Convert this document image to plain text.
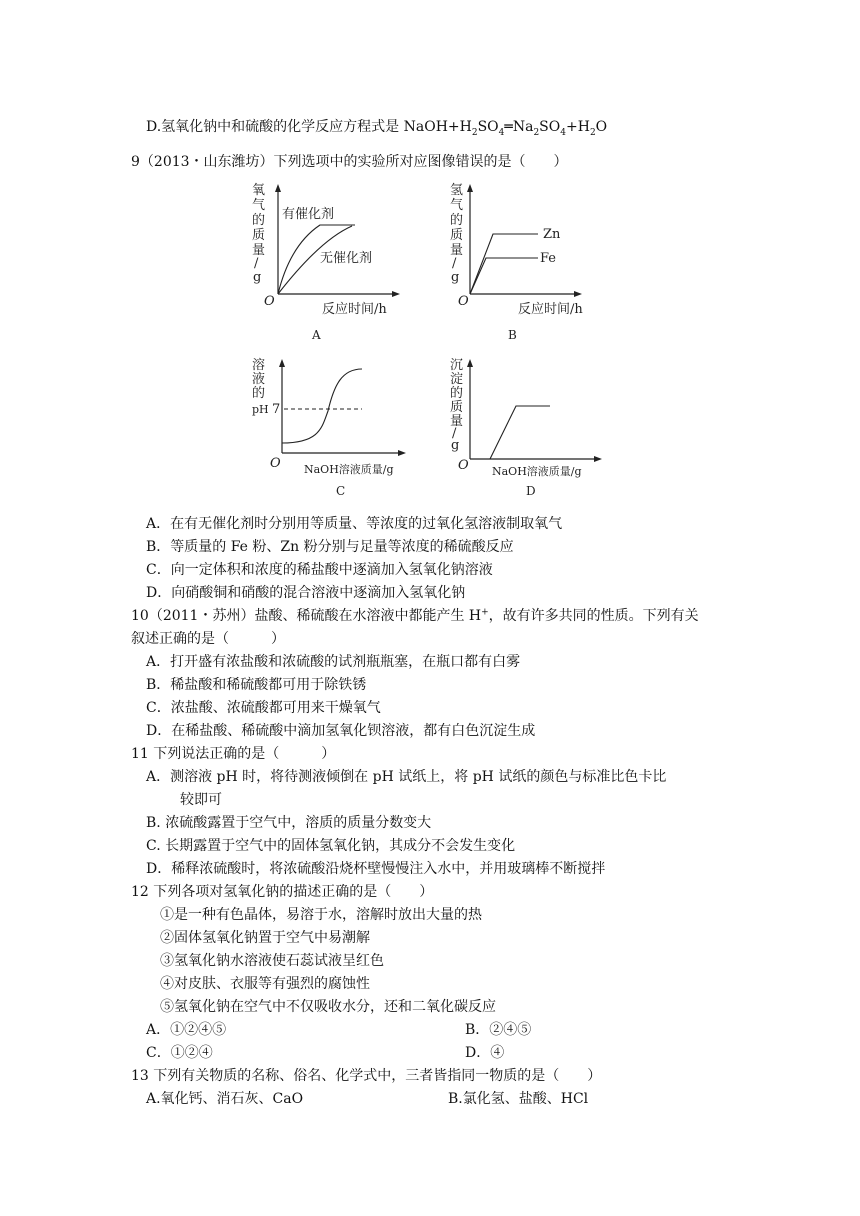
D.氢氧化钠中和硫酸的化学反应方程式是 $NaOH+H_2SO_4═Na_2SO_4+H_2O$
9（2013・山东潍坊）下列选项中的实验所对应图像错误的是（　　）
氧
气
的
质
量
/
g
有催化剂
无催化剂
O
反应时间/h
A
氢
气
的
质
量
/
g
Zn
Fe
O
反应时间/h
B
溶
液
的
pH 7
O NaOH溶液质量/g
C
沉
淀
的
质
量
/
g
O NaOH溶液质量/g
D
A．在有无催化剂时分别用等质量、等浓度的过氧化氢溶液制取氧气
B．等质量的 Fe 粉、Zn 粉分别与足量等浓度的稀硫酸反应
C．向一定体积和浓度的稀盐酸中逐滴加入氢氧化钠溶液
D．向硝酸铜和硝酸的混合溶液中逐滴加入氢氧化钠
10（2011・苏州）盐酸、稀硫酸在水溶液中都能产生 H+，故有许多共同的性质。下列有关
叙述正确的是（　　　）
A．打开盛有浓盐酸和浓硫酸的试剂瓶瓶塞，在瓶口都有白雾
B．稀盐酸和稀硫酸都可用于除铁锈
C．浓盐酸、浓硫酸都可用来干燥氧气
D．在稀盐酸、稀硫酸中滴加氢氧化钡溶液，都有白色沉淀生成
11 下列说法正确的是（　　　）
A．测溶液 pH 时，将待测液倾倒在 pH 试纸上，将 pH 试纸的颜色与标准比色卡比
较即可
B. 浓硫酸露置于空气中，溶质的质量分数变大
C. 长期露置于空气中的固体氢氧化钠，其成分不会发生变化
D．稀释浓硫酸时，将浓硫酸沿烧杯壁慢慢注入水中，并用玻璃棒不断搅拌
12 下列各项对氢氧化钠的描述正确的是（　　）
①是一种有色晶体，易溶于水，溶解时放出大量的热
②固体氢氧化钠置于空气中易潮解
③氢氧化钠水溶液使石蕊试液呈红色
④对皮肤、衣服等有强烈的腐蚀性
⑤氢氧化钠在空气中不仅吸收水分，还和二氧化碳反应
A．①②④⑤	B．②④⑤
C．①②④	D．④
13 下列有关物质的名称、俗名、化学式中，三者皆指同一物质的是（　　）
A.氧化钙、消石灰、CaO	B.氯化氢、盐酸、HCl
